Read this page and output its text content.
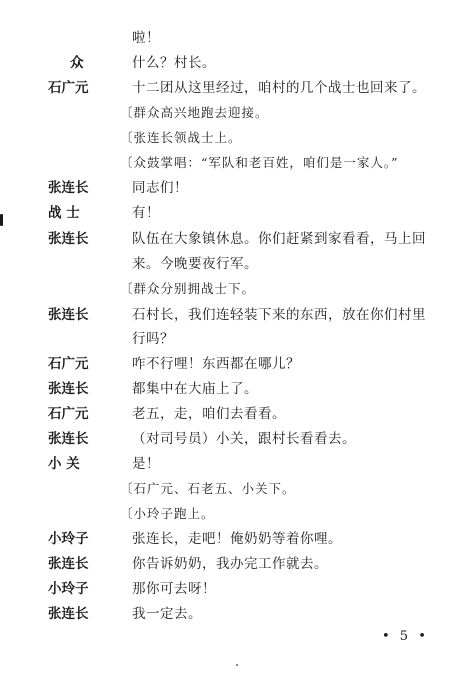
啦！
众	什么？村长。
石广元	十二团从这里经过，咱村的几个战士也回来了。
〔群众高兴地跑去迎接。
〔张连长领战士上。
〔众鼓掌唱：“军队和老百姓，咱们是一家人。”
张连长	同志们！
战 士	有！
张连长	队伍在大象镇休息。你们赶紧到家看看，马上回
来。今晚要夜行军。
〔群众分别拥战士下。
张连长	石村长，我们连轻装下来的东西，放在你们村里
行吗？
石广元	咋不行哩！东西都在哪儿？
张连长	都集中在大庙上了。
石广元	老五，走，咱们去看看。
张连长	（对司号员）小关，跟村长看看去。
小 关	是！
〔石广元、石老五、小关下。
〔小玲子跑上。
小玲子	张连长，走吧！俺奶奶等着你哩。
张连长	你告诉奶奶，我办完工作就去。
小玲子	那你可去呀！
张连长	我一定去。
• 5 •
